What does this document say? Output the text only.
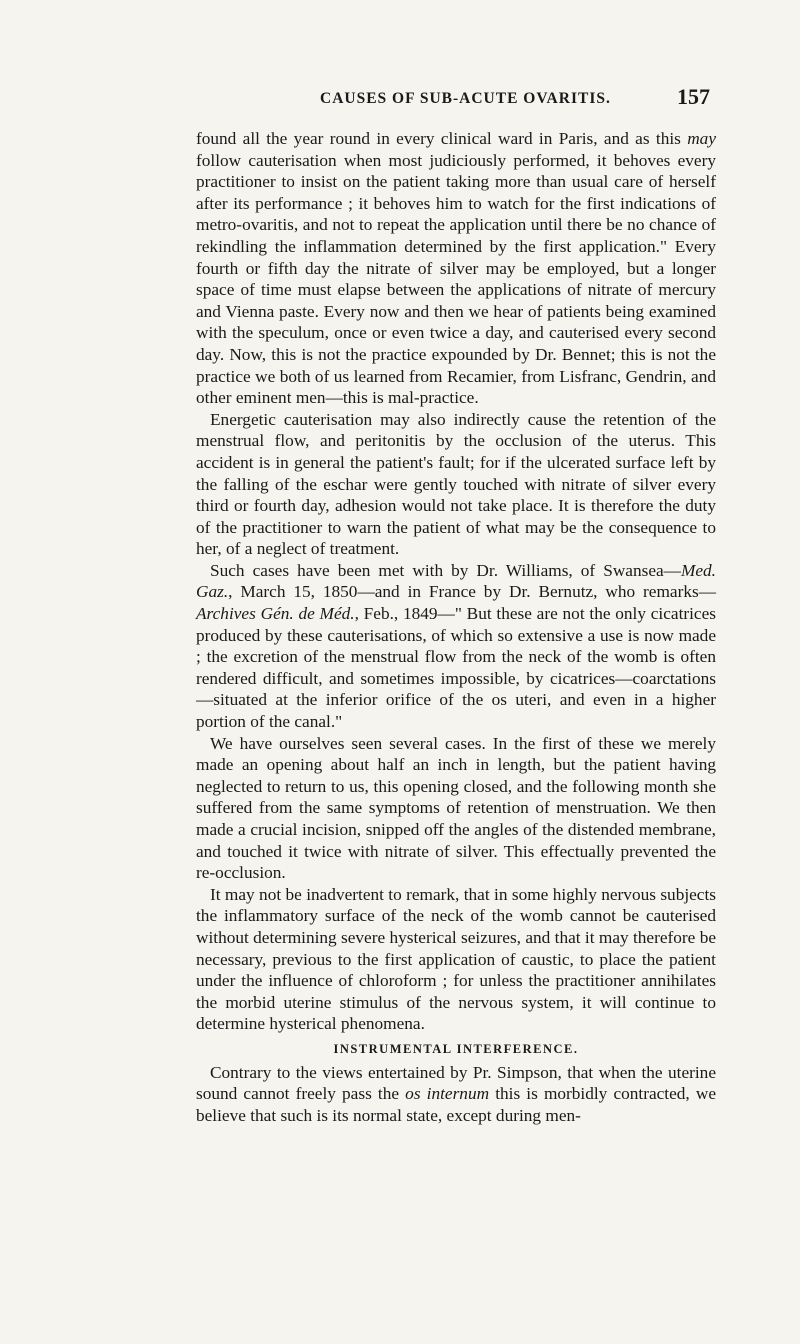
CAUSES OF SUB-ACUTE OVARITIS.	157

found all the year round in every clinical ward in Paris, and as this may follow cauterisation when most judiciously performed, it behoves every practitioner to insist on the patient taking more than usual care of herself after its performance ; it behoves him to watch for the first indications of metro-ovaritis, and not to repeat the application until there be no chance of rekindling the inflammation determined by the first application." Every fourth or fifth day the nitrate of silver may be employed, but a longer space of time must elapse between the applications of nitrate of mercury and Vienna paste. Every now and then we hear of patients being examined with the speculum, once or even twice a day, and cauterised every second day. Now, this is not the practice expounded by Dr. Bennet; this is not the practice we both of us learned from Recamier, from Lisfranc, Gendrin, and other eminent men—this is mal-practice.

Energetic cauterisation may also indirectly cause the retention of the menstrual flow, and peritonitis by the occlusion of the uterus. This accident is in general the patient's fault; for if the ulcerated surface left by the falling of the eschar were gently touched with nitrate of silver every third or fourth day, adhesion would not take place. It is therefore the duty of the practitioner to warn the patient of what may be the consequence to her, of a neglect of treatment.

Such cases have been met with by Dr. Williams, of Swansea—Med. Gaz., March 15, 1850—and in France by Dr. Bernutz, who remarks—Archives Gén. de Méd., Feb., 1849—" But these are not the only cicatrices produced by these cauterisations, of which so extensive a use is now made ; the excretion of the menstrual flow from the neck of the womb is often rendered difficult, and sometimes impossible, by cicatrices—coarctations—situated at the inferior orifice of the os uteri, and even in a higher portion of the canal."

We have ourselves seen several cases. In the first of these we merely made an opening about half an inch in length, but the patient having neglected to return to us, this opening closed, and the following month she suffered from the same symptoms of retention of menstruation. We then made a crucial incision, snipped off the angles of the distended membrane, and touched it twice with nitrate of silver. This effectually prevented the re-occlusion.

It may not be inadvertent to remark, that in some highly nervous subjects the inflammatory surface of the neck of the womb cannot be cauterised without determining severe hysterical seizures, and that it may therefore be necessary, previous to the first application of caustic, to place the patient under the influence of chloroform ; for unless the practitioner annihilates the morbid uterine stimulus of the nervous system, it will continue to determine hysterical phenomena.

INSTRUMENTAL INTERFERENCE.

Contrary to the views entertained by Pr. Simpson, that when the uterine sound cannot freely pass the os internum this is morbidly contracted, we believe that such is its normal state, except during men-
